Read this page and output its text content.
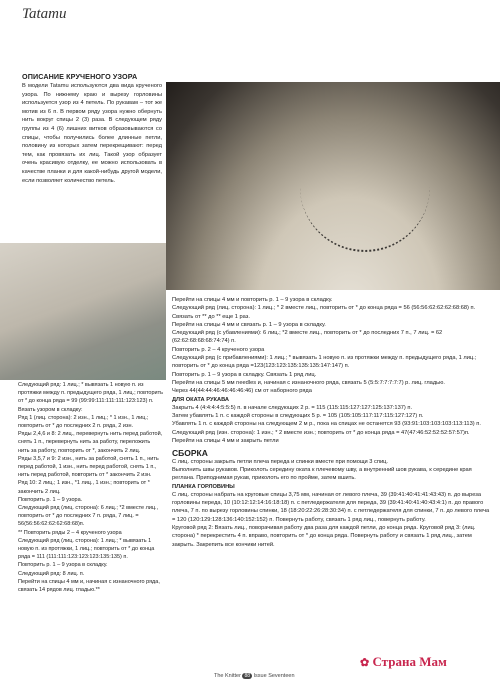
Tatamu
ОПИСАНИЕ КРУЧЕНОГО УЗОРА
В модели Tatamu используются два вида крученого узора. По нижнему краю и вырезу горловины используется узор из 4 петель. По рукавам – тот же мотив из 6 п. В первом ряду узора нужно обернуть нить вокруг спицы 2 (3) раза. В следующем ряду группы из 4 (6) лишних витков образовываются со спицы, чтобы получились более длинные петли, половину из которых затем перекрещивают: перед тем, как провязать их лиц. Такой узор образует очень красивую отделку, ее можно использовать в качестве планки и для какой-нибудь другой модели, если позволяет количество петель.

Следующий ряд: 1 лиц.; * вывязать 1 новую п. из протяжки между п. предыдущего ряда, 1 лиц.; повторить от * до конца ряда = 99 (99:99:111:111:111:123:123) п.

Вязать узором в складку:

Ряд 1 (лиц. сторона): 2 изн., 1 лиц.; * 1 изн., 1 лиц.; повторить от * до последних 2 п. ряда, 2 изн.

Ряды 2,4,6 и 8: 2 лиц., перевернуть нить перед работой, снять 1 п., перевернуть нить за работу, переложить нить за работу, повторить от *, закончить 2 лиц.

Ряды 3,5,7 и 9: 2 изн., нить за работой, снять 1 п., нить перед работой, 1 изн., нить перед работой, снять 1 п., нить перед работой, повторить от * закончить 2 изн.

Ряд 10: 2 лиц.; 1 изн., *1 лиц., 1 изн.; повторить от * закончить 2 лиц.

Повторить р. 1 – 9 узора.

Следующий ряд (лиц. сторона): 6 лиц.; *2 вместе лиц., повторить от * до последних 7 п. ряда, 7 лиц. = 56(56:56:62:62:62:68:68)п.

** Повторить ряды 2 – 4 крученого узора

Следующий ряд (лиц. сторона): 1 лиц.; * вывязать 1 новую п. из протяжки, 1 лиц.; повторить от * до конца ряда = 111 (111:111:123:123:123:135:135) п.

Повторить р. 1 – 9 узора в складку.

Следующий ряд: 8 лиц. п.

Перейти на спицы 4 мм и, начиная с изнаночного ряда, связать 14 рядов лиц. гладью.**

Перейти на спицы 4 мм и повторить р. 1 – 9 узора в складку.

Следующий ряд (лиц. сторона): 1 лиц.; * 2 вместе лиц., повторить от * до конца ряда = 56 (56:56:62:62:62:68:68) п.

Связать от ** до ** еще 1 раз.

Перейти на спицы 4 мм и связать р. 1 – 9 узора в складку.

Следующий ряд (с убавлениями): 6 лиц.; *2 вместе лиц., повторить от * до последних 7 п., 7 лиц. = 62 (62:62:68:68:68:74:74) п.

Повторить р. 2 – 4 крученого узора

Следующий ряд (с прибавлениями): 1 лиц.; * вывязать 1 новую п. из протяжки между п. предыдущего ряда, 1 лиц.; повторить от * до конца ряда =123(123:123:135:135:135:147:147) п.

Повторить р. 1 – 9 узора в складку. Связать 1 ряд лиц.

Перейти на спицы 5 мм needles и, начиная с изнаночного ряда, связать 5 (5:5:7:7:7:7:7) р. лиц. гладью.

Через 44(44:44:46:46:46:46:46) см от наборного ряда

ДЛЯ ОКАТА РУКАВА

Закрыть 4 (4:4:4:4:5:5:5) п. в начале следующих 2 р. = 115 (115:115:127:127:125:137:137) п.

Затем убавлять 1 п. с каждой стороны в следующих 5 р. = 105 (105:105:117:117:115:127:127) п.

Убавлять 1 п. с каждой стороны на следующем 2 м р., пока на спицах не останется 93 (93:91:103:103:103:113:113) п.

Следующий ряд (изн. сторона): 1 изн.; * 2 вместе изн.; повторить от * до конца ряда = 47(47:46:52:52:52:57:57)п.

Перейти на спицы 4 мм и закрыть петли

СБОРКА

С лиц. стороны закрыть петли плеча переда и спинки вместе при помощи 3 спиц.

Выполнить швы рукавов. Приколоть середину оката к плечевому шву, а внутренний шов рукава, к середине края реглана. Приподнимая рукав, приколоть его по пройме, затем вшить.

ПЛАНКА ГОРЛОВИНЫ

С лиц. стороны набрать на круговые спицы 3,75 мм, начиная от левого плеча, 39 (39:41:40:41:41:43:43) п. до выреза горловины переда, 10 (10:12:12:14:16:18:18) п. с петледержателя для переда, 39 (39:41:40:41:40:43:4:1) п. до правого плеча, 7 п. по вырезу горловины спинки, 18 (18:20:22:26:28:30:34) п. с петледержателя для спинки, 7 п. до левого плеча = 120 (120:129:128:136:140:152:152) п. Повернуть работу, связать 1 ряд лиц., повернуть работу.

Круговой ряд 2: Вязать лиц., поворачивая работу два раза для каждой петли, до конца ряда. Круговой ряд 3: (лиц. сторона) * перекрестить 4 п. вправо, повторить от * до конца ряда. Повернуть работу и связать 1 ряд лиц., затем закрыть. Закрепить все кончики нитей.

The Knitter 88 Issue Seventeen
✿ Страна Мам
